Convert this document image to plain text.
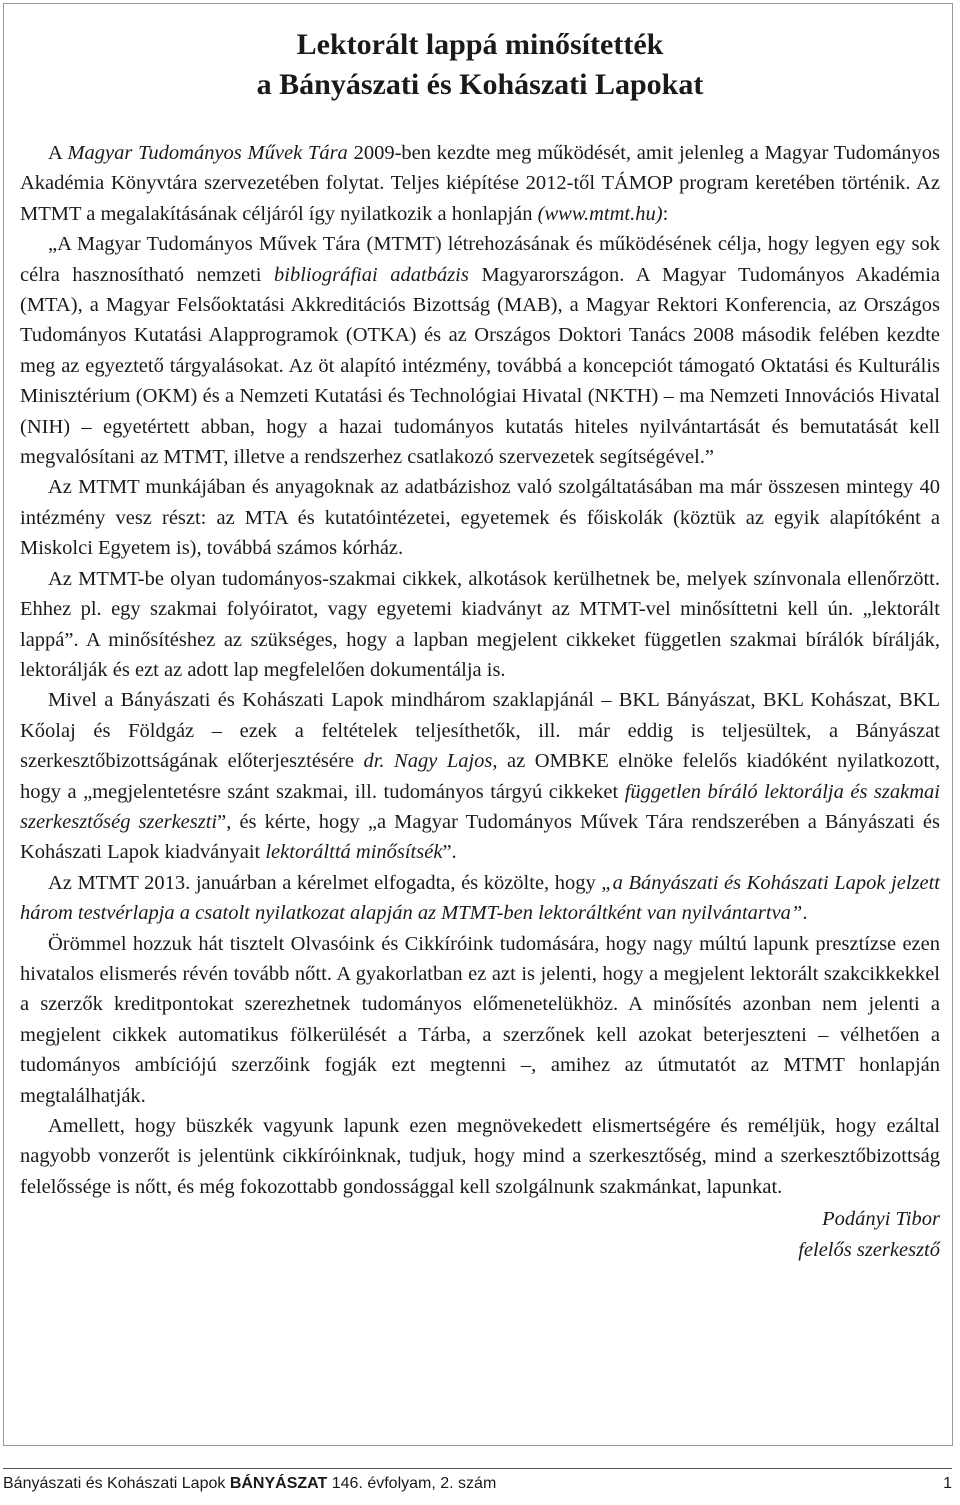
Lektorált lappá minősítették
a Bányászati és Kohászati Lapokat

A Magyar Tudományos Művek Tára 2009-ben kezdte meg működését, amit jelenleg a Magyar Tudományos Akadémia Könyvtára szervezetében folytat. Teljes kiépítése 2012-től TÁMOP program keretében történik. Az MTMT a megalakításának céljáról így nyilatkozik a honlapján (www.mtmt.hu):

„A Magyar Tudományos Művek Tára (MTMT) létrehozásának és működésének célja, hogy legyen egy sok célra hasznosítható nemzeti bibliográfiai adatbázis Magyarországon. A Magyar Tudományos Akadémia (MTA), a Magyar Felsőoktatási Akkreditációs Bizottság (MAB), a Magyar Rektori Konferencia, az Országos Tudományos Kutatási Alapprogramok (OTKA) és az Országos Doktori Tanács 2008 második felében kezdte meg az egyeztető tárgyalásokat. Az öt alapító intézmény, továbbá a koncepciót támogató Oktatási és Kulturális Minisztérium (OKM) és a Nemzeti Kutatási és Technológiai Hivatal (NKTH) – ma Nemzeti Innovációs Hivatal (NIH) – egyetértett abban, hogy a hazai tudományos kutatás hiteles nyilvántartását és bemutatását kell megvalósítani az MTMT, illetve a rendszerhez csatlakozó szervezetek segítségével.”

Az MTMT munkájában és anyagoknak az adatbázishoz való szolgáltatásában ma már összesen mintegy 40 intézmény vesz részt: az MTA és kutatóintézetei, egyetemek és főiskolák (köztük az egyik alapítóként a Miskolci Egyetem is), továbbá számos kórház.

Az MTMT-be olyan tudományos-szakmai cikkek, alkotások kerülhetnek be, melyek színvonala ellenőrzött. Ehhez pl. egy szakmai folyóiratot, vagy egyetemi kiadványt az MTMT-vel minősíttetni kell ún. „lektorált lappá”. A minősítéshez az szükséges, hogy a lapban megjelent cikkeket független szakmai bírálók bírálják, lektorálják és ezt az adott lap megfelelően dokumentálja is.

Mivel a Bányászati és Kohászati Lapok mindhárom szaklapjánál – BKL Bányászat, BKL Kohászat, BKL Kőolaj és Földgáz – ezek a feltételek teljesíthetők, ill. már eddig is teljesültek, a Bányászat szerkesztőbizottságának előterjesztésére dr. Nagy Lajos, az OMBKE elnöke felelős kiadóként nyilatkozott, hogy a „megjelentetésre szánt szakmai, ill. tudományos tárgyú cikkeket független bíráló lektorálja és szakmai szerkesztőség szerkeszti”, és kérte, hogy „a Magyar Tudományos Művek Tára rendszerében a Bányászati és Kohászati Lapok kiadványait lektorálttá minősítsék”.

Az MTMT 2013. januárban a kérelmet elfogadta, és közölte, hogy „a Bányászati és Kohászati Lapok jelzett három testvérlapja a csatolt nyilatkozat alapján az MTMT-ben lektoráltként van nyilvántartva”.

Örömmel hozzuk hát tisztelt Olvasóink és Cikkíróink tudomására, hogy nagy múltú lapunk presztízse ezen hivatalos elismerés révén tovább nőtt. A gyakorlatban ez azt is jelenti, hogy a megjelent lektorált szakcikkekkel a szerzők kreditpontokat szerezhetnek tudományos előmenetelükhöz. A minősítés azonban nem jelenti a megjelent cikkek automatikus fölkerülését a Tárba, a szerzőnek kell azokat beterjeszteni – vélhetően a tudományos ambíciójú szerzőink fogják ezt megtenni –, amihez az útmutatót az MTMT honlapján megtalálhatják.

Amellett, hogy büszkék vagyunk lapunk ezen megnövekedett elismertségére és reméljük, hogy ezáltal nagyobb vonzerőt is jelentünk cikkíróinknak, tudjuk, hogy mind a szerkesztőség, mind a szerkesztőbizottság felelőssége is nőtt, és még fokozottabb gondossággal kell szolgálnunk szakmánkat, lapunkat.

Podányi Tibor
felelős szerkesztő
Bányászati és Kohászati Lapok BÁNYÁSZAT 146. évfolyam, 2. szám	1
